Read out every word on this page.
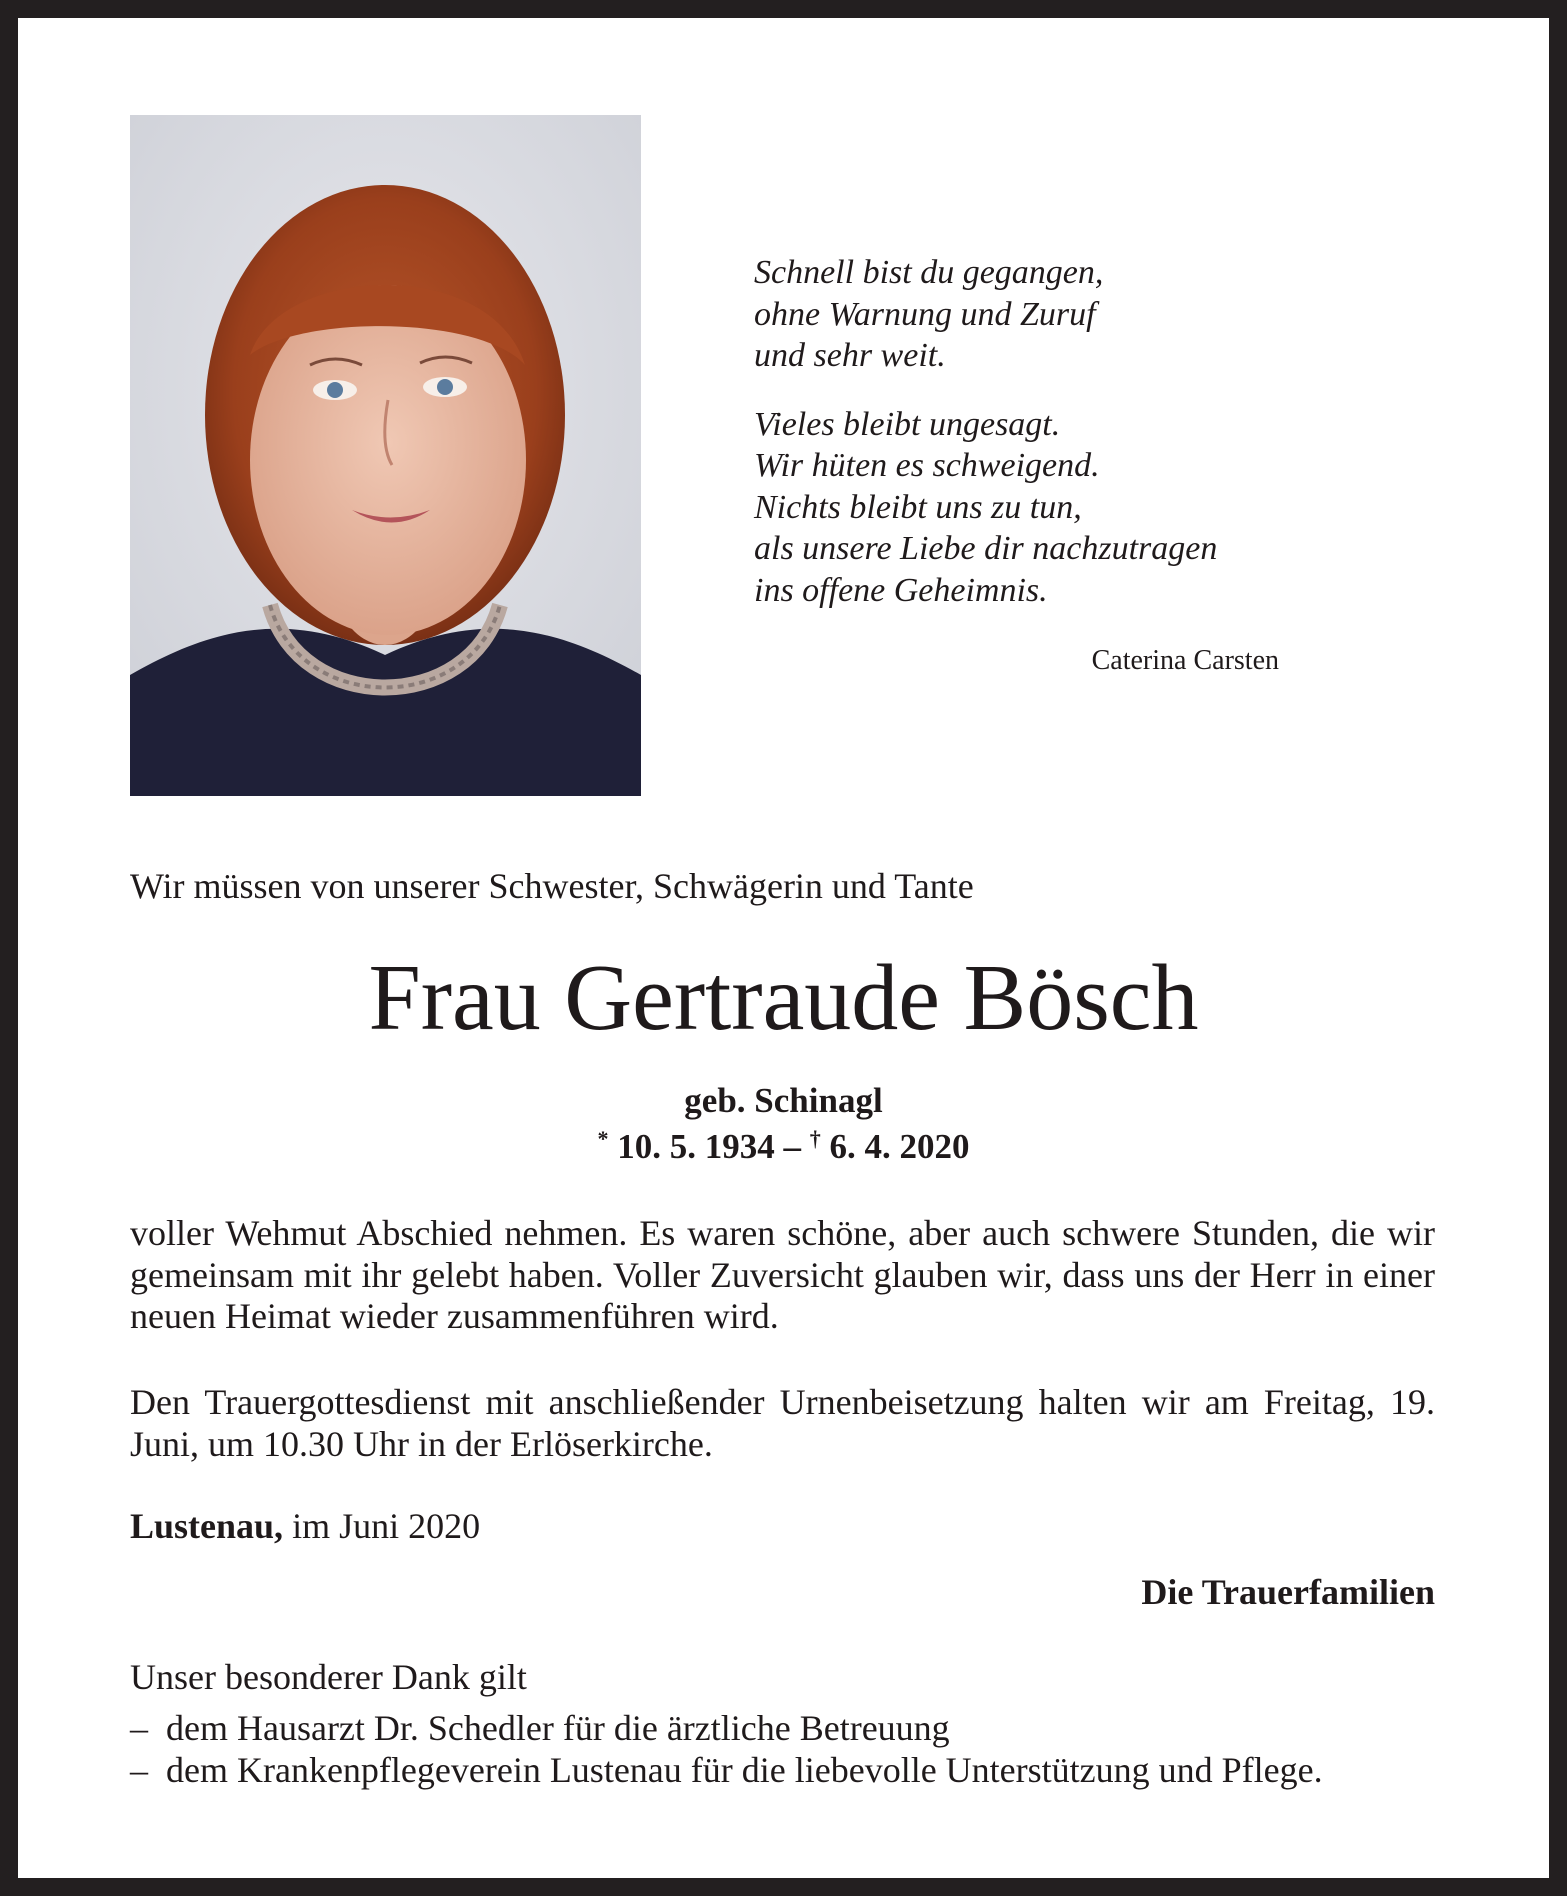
Schnell bist du gegangen,
ohne Warnung und Zuruf
und sehr weit.
Vieles bleibt ungesagt.
Wir hüten es schweigend.
Nichts bleibt uns zu tun,
als unsere Liebe dir nachzutragen
ins offene Geheimnis.
Caterina Carsten
Wir müssen von unserer Schwester, Schwägerin und Tante
Frau Gertraude Bösch
geb. Schinagl
* 10. 5. 1934 – † 6. 4. 2020
voller Wehmut Abschied nehmen. Es waren schöne, aber auch schwere Stunden, die wir gemeinsam mit ihr gelebt haben. Voller Zuversicht glauben wir, dass uns der Herr in einer neuen Heimat wieder zusammenführen wird.
Den Trauergottesdienst mit anschließender Urnenbeisetzung halten wir am Freitag, 19. Juni, um 10.30 Uhr in der Erlöserkirche.
Lustenau, im Juni 2020
Die Trauerfamilien
Unser besonderer Dank gilt
– dem Hausarzt Dr. Schedler für die ärztliche Betreuung
– dem Krankenpflegeverein Lustenau für die liebevolle Unterstützung und Pflege.
